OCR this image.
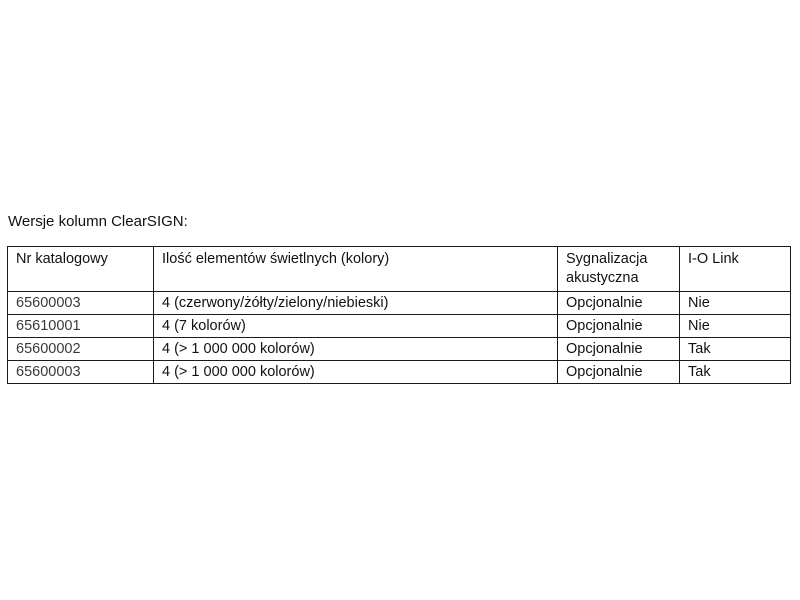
Wersje kolumn ClearSIGN:
Nr katalogowy	Ilość elementów świetlnych (kolory)	Sygnalizacja akustyczna	I-O Link
65600003	4 (czerwony/żółty/zielony/niebieski)	Opcjonalnie	Nie
65610001	4 (7 kolorów)	Opcjonalnie	Nie
65600002	4 (> 1 000 000 kolorów)	Opcjonalnie	Tak
65600003	4 (> 1 000 000 kolorów)	Opcjonalnie	Tak
